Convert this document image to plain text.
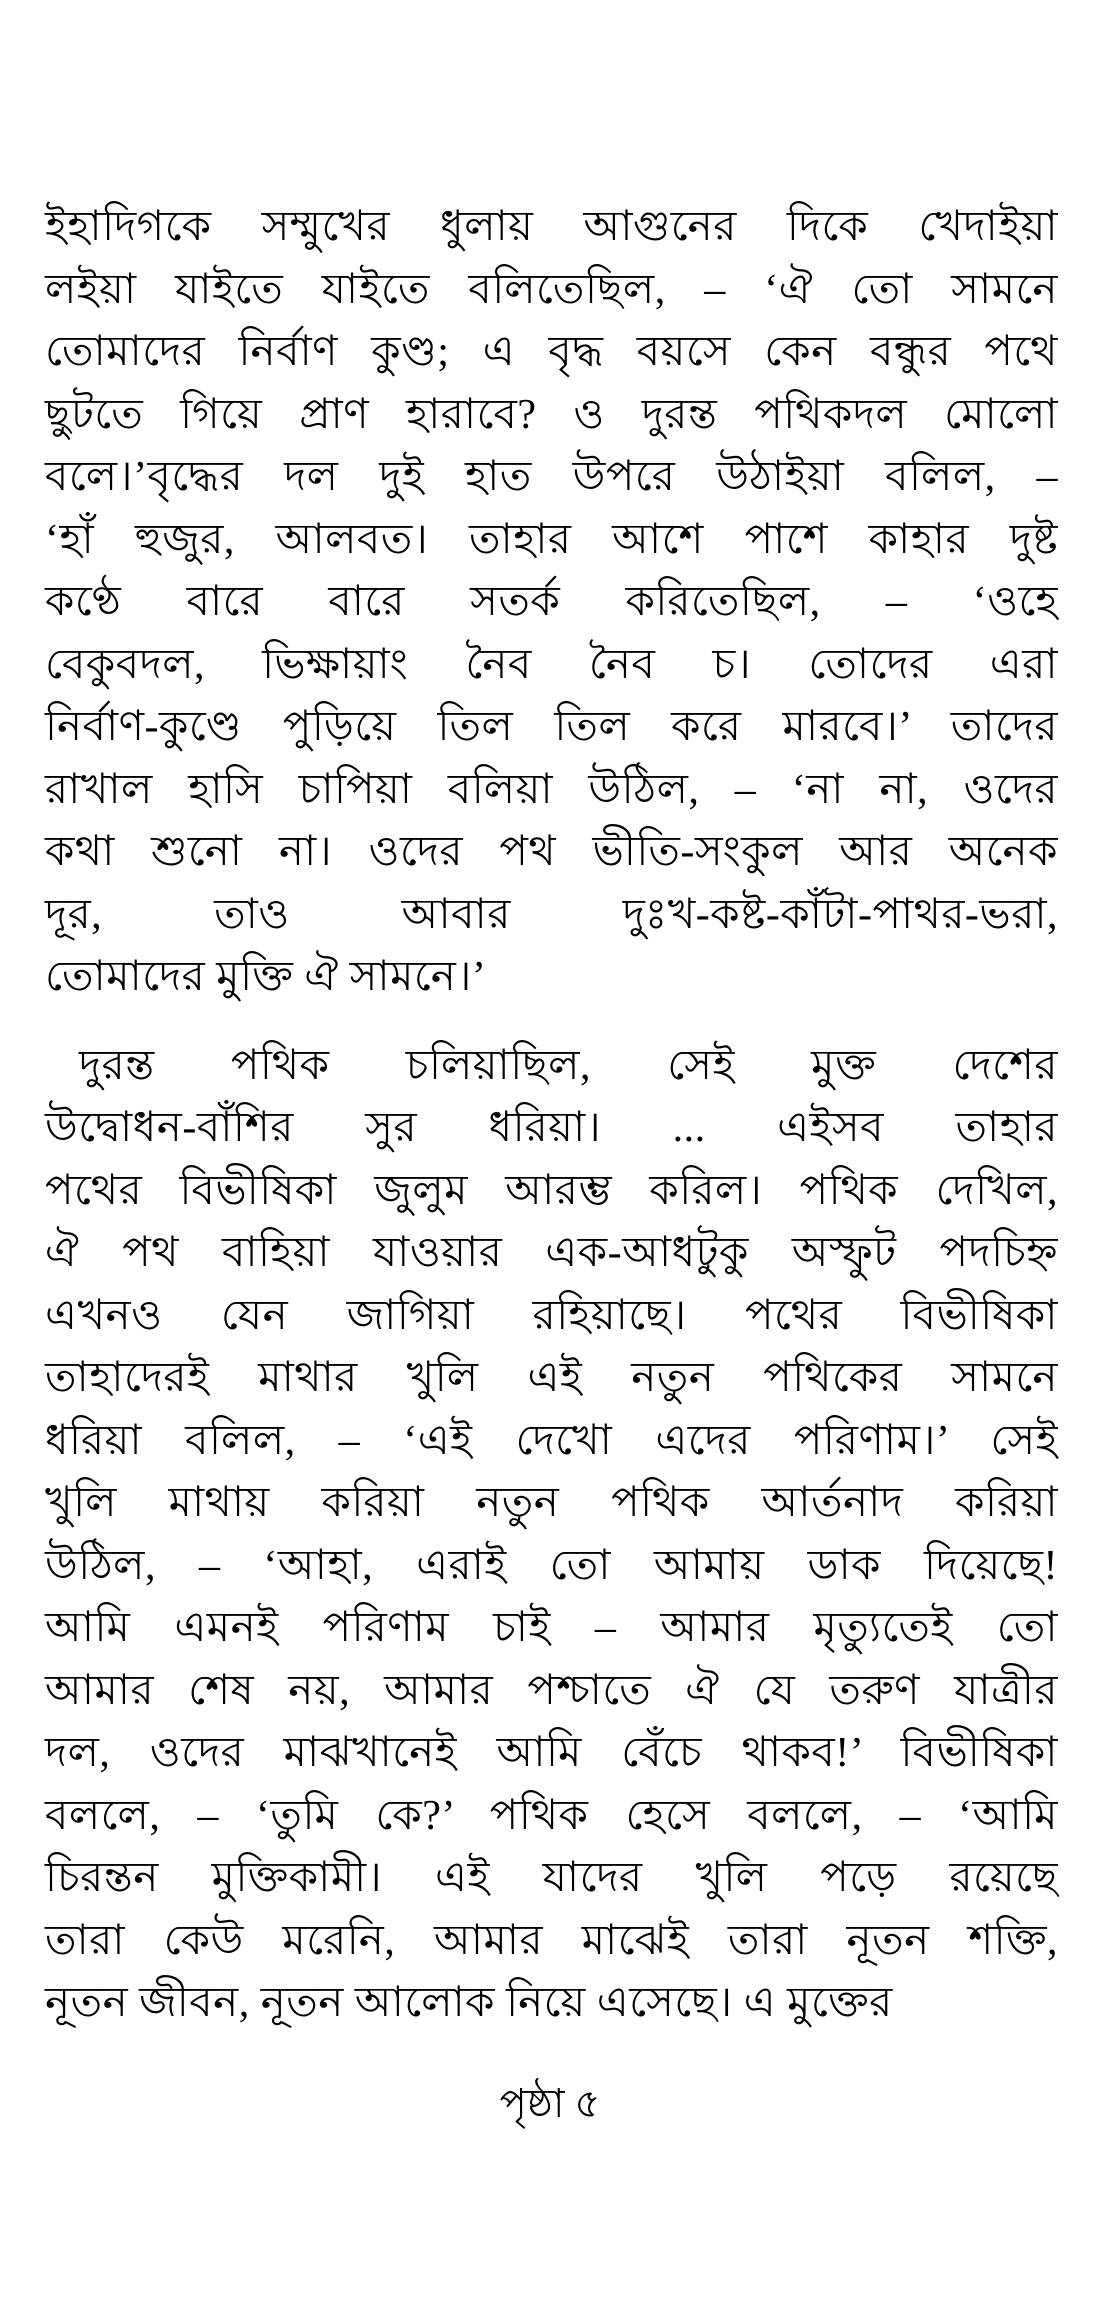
ইহাদিগকে সম্মুখের ধুলায় আগুনের দিকে খেদাইয়া
লইয়া যাইতে যাইতে বলিতেছিল, – ‘ঐ তো সামনে
তোমাদের নির্বাণ কুণ্ড; এ বৃদ্ধ বয়সে কেন বন্ধুর পথে
ছুটতে গিয়ে প্রাণ হারাবে? ও দুরন্ত পথিকদল মোলো
বলে।’বৃদ্ধের দল দুই হাত উপরে উঠাইয়া বলিল, –
‘হাঁ হুজুর, আলবত। তাহার আশে পাশে কাহার দুষ্ট
কণ্ঠে বারে বারে সতর্ক করিতেছিল, – ‘ওহে
বেকুবদল, ভিক্ষায়াং নৈব নৈব চ। তোদের এরা
নির্বাণ-কুণ্ডে পুড়িয়ে তিল তিল করে মারবে।’ তাদের
রাখাল হাসি চাপিয়া বলিয়া উঠিল, – ‘না না, ওদের
কথা শুনো না। ওদের পথ ভীতি-সংকুল আর অনেক
দূর, তাও আবার দুঃখ-কষ্ট-কাঁটা-পাথর-ভরা,
তোমাদের মুক্তি ঐ সামনে।’
দুরন্ত পথিক চলিয়াছিল, সেই মুক্ত দেশের
উদ্বোধন-বাঁশির সুর ধরিয়া। ... এইসব তাহার
পথের বিভীষিকা জুলুম আরম্ভ করিল। পথিক দেখিল,
ঐ পথ বাহিয়া যাওয়ার এক-আধটুকু অস্ফুট পদচিহ্ন
এখনও যেন জাগিয়া রহিয়াছে। পথের বিভীষিকা
তাহাদেরই মাথার খুলি এই নতুন পথিকের সামনে
ধরিয়া বলিল, – ‘এই দেখো এদের পরিণাম।’ সেই
খুলি মাথায় করিয়া নতুন পথিক আর্তনাদ করিয়া
উঠিল, – ‘আহা, এরাই তো আমায় ডাক দিয়েছে!
আমি এমনই পরিণাম চাই – আমার মৃত্যুতেই তো
আমার শেষ নয়, আমার পশ্চাতে ঐ যে তরুণ যাত্রীর
দল, ওদের মাঝখানেই আমি বেঁচে থাকব!’ বিভীষিকা
বললে, – ‘তুমি কে?’ পথিক হেসে বললে, – ‘আমি
চিরন্তন মুক্তিকামী। এই যাদের খুলি পড়ে রয়েছে
তারা কেউ মরেনি, আমার মাঝেই তারা নূতন শক্তি,
নূতন জীবন, নূতন আলোক নিয়ে এসেছে। এ মুক্তের
পৃষ্ঠা ৫
